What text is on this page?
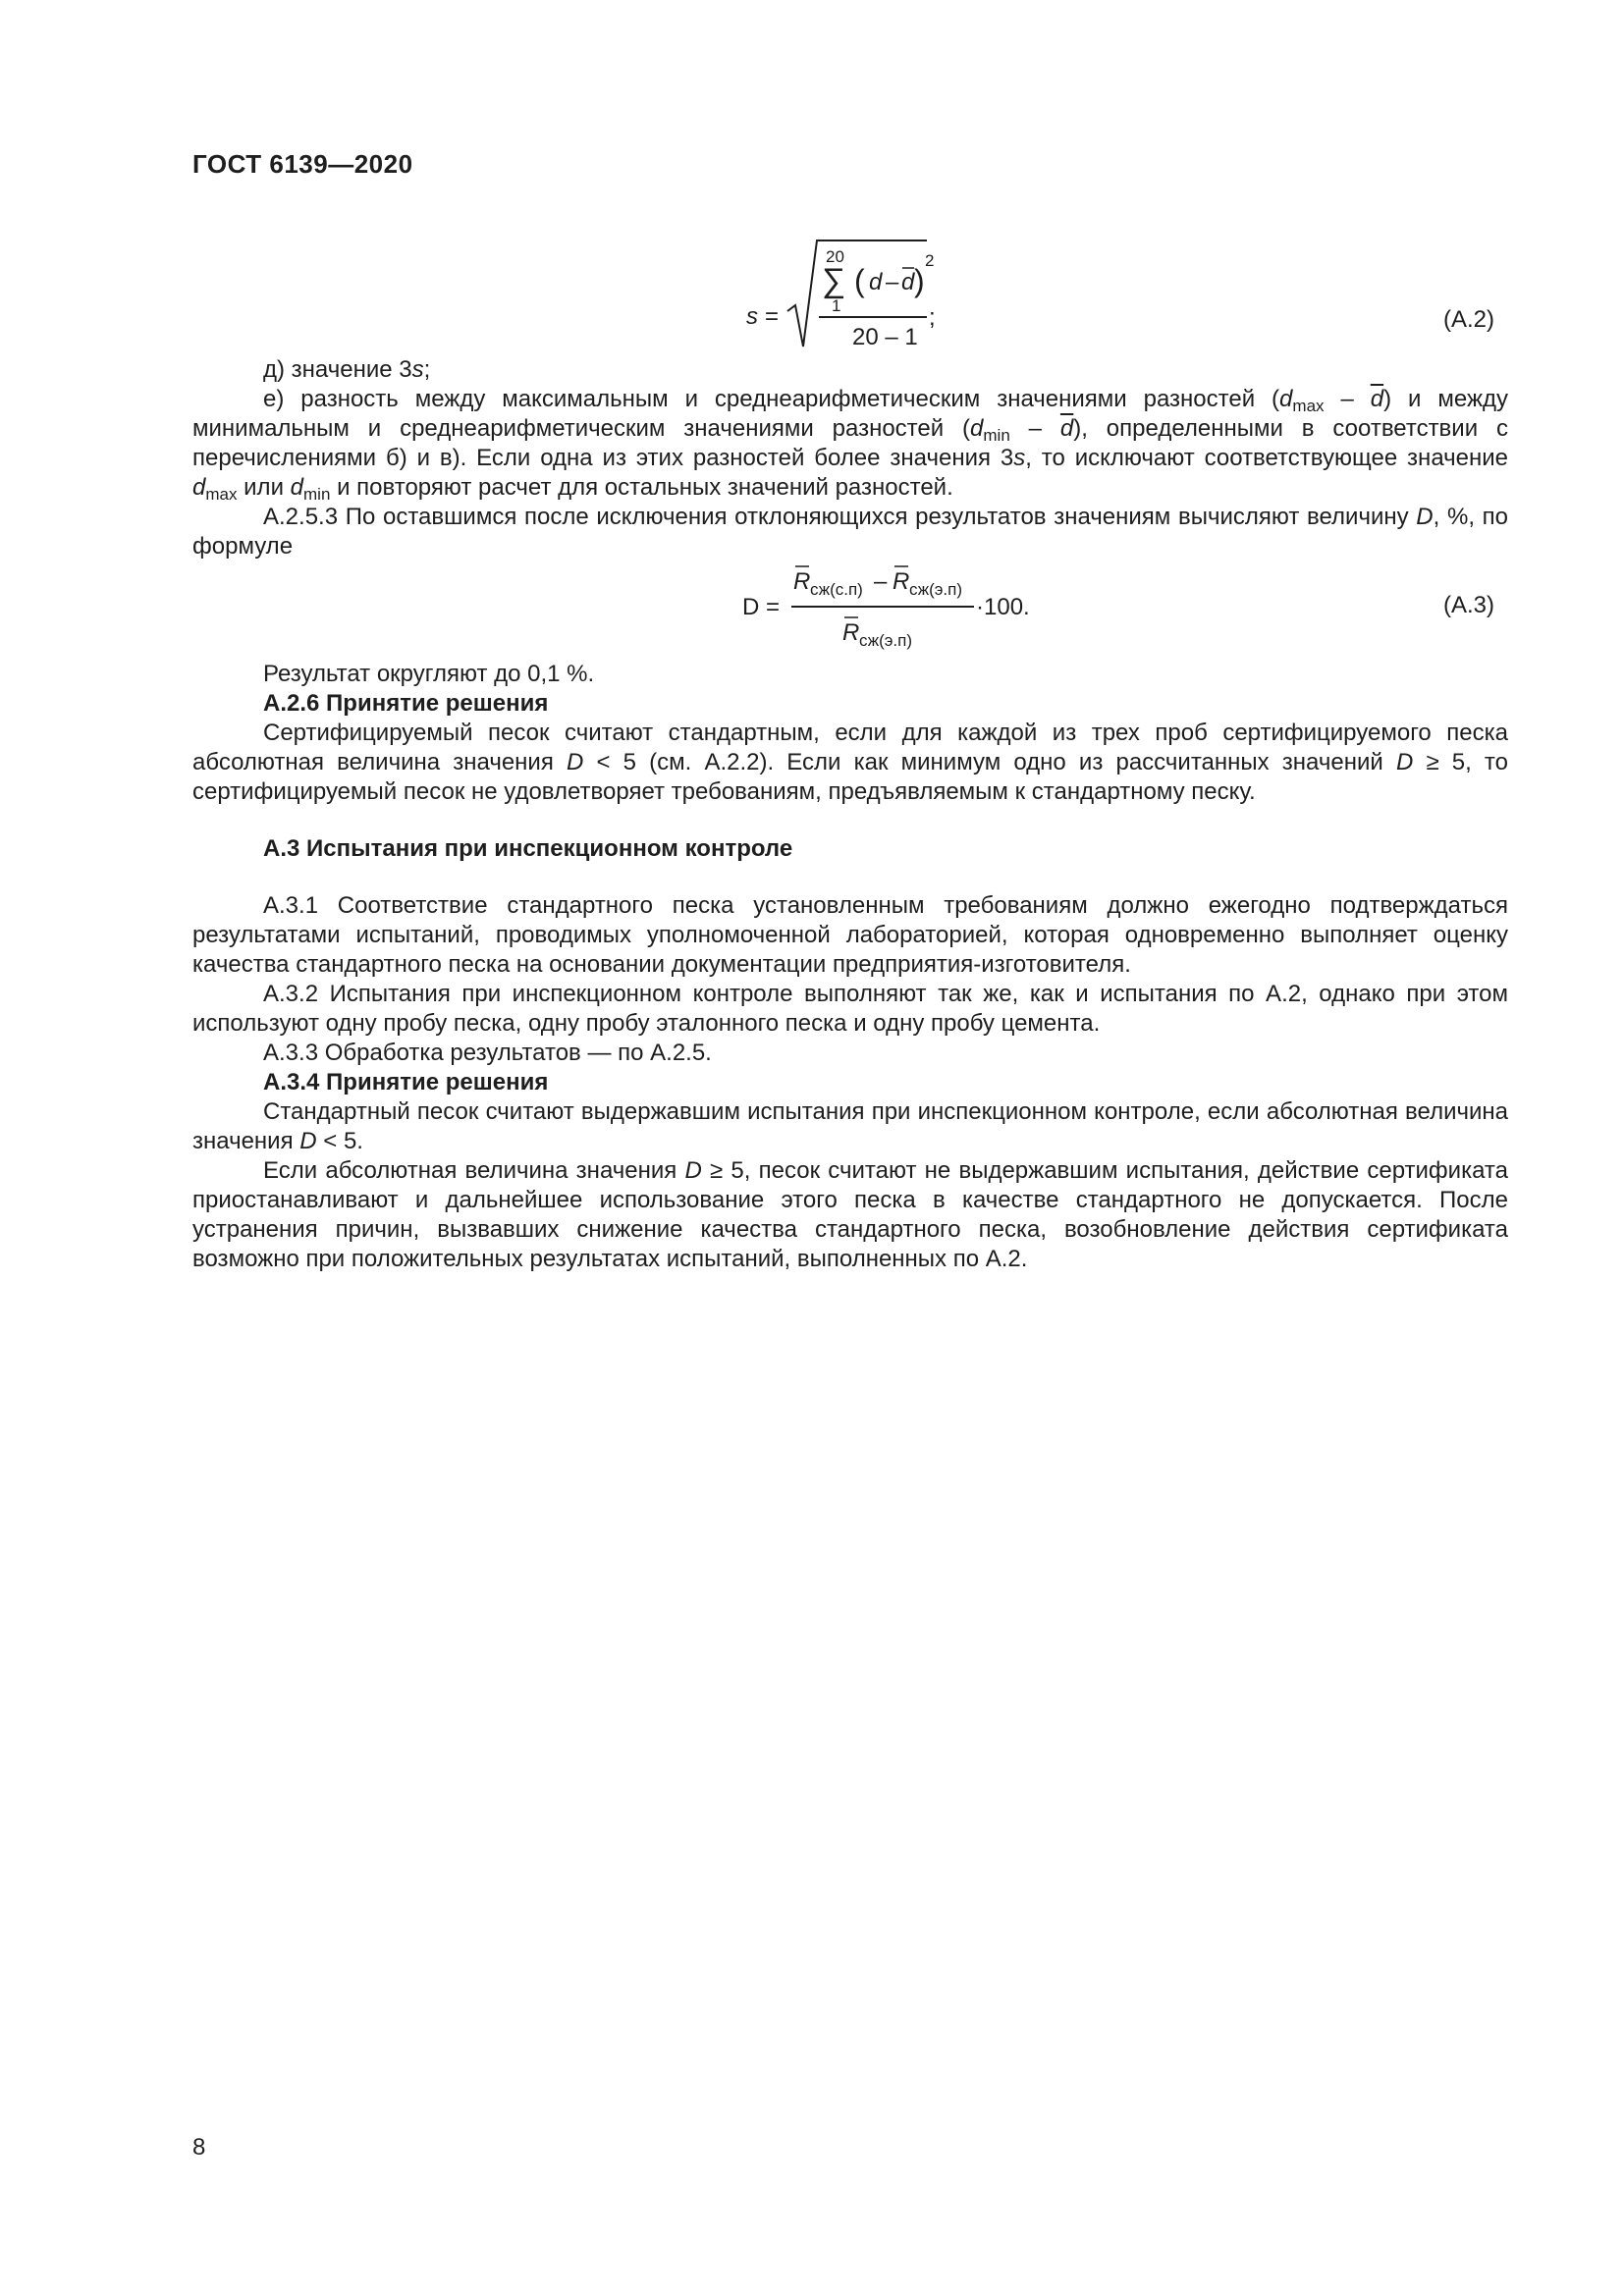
ГОСТ 6139—2020
s =
20
∑
1
( d – d )
2
20 – 1
;	(А.2)
D =
R сж(с.п) – R сж(э.п)
R сж(э.п)
·100.	(А.3)

д) значение 3s;

е) разность между максимальным и среднеарифметическим значениями разностей $(d_{max} - \overline{d})$ и между минимальным и среднеарифметическим значениями разностей $(d_{min} - \overline{d})$, определенными в соответствии с перечислениями б) и в). Если одна из этих разностей более значения 3s, то исключают соответствующее значение $d_{max}$ или $d_{min}$ и повторяют расчет для остальных значений разностей.

А.2.5.3 По оставшимся после исключения отклоняющихся результатов значениям вычисляют величину D, %, по формуле

Результат округляют до 0,1 %.

А.2.6 Принятие решения

Сертифицируемый песок считают стандартным, если для каждой из трех проб сертифицируемого песка абсолютная величина значения D < 5 (см. А.2.2). Если как минимум одно из рассчитанных значений D ≥ 5, то сертифицируемый песок не удовлетворяет требованиям, предъявляемым к стандартному песку.

А.3 Испытания при инспекционном контроле

А.3.1 Соответствие стандартного песка установленным требованиям должно ежегодно подтверждаться результатами испытаний, проводимых уполномоченной лабораторией, которая одновременно выполняет оценку качества стандартного песка на основании документации предприятия-изготовителя.

А.3.2 Испытания при инспекционном контроле выполняют так же, как и испытания по А.2, однако при этом используют одну пробу песка, одну пробу эталонного песка и одну пробу цемента.

А.3.3 Обработка результатов — по А.2.5.

А.3.4 Принятие решения

Стандартный песок считают выдержавшим испытания при инспекционном контроле, если абсолютная величина значения D < 5.

Если абсолютная величина значения D ≥ 5, песок считают не выдержавшим испытания, действие сертификата приостанавливают и дальнейшее использование этого песка в качестве стандартного не допускается. После устранения причин, вызвавших снижение качества стандартного песка, возобновление действия сертификата возможно при положительных результатах испытаний, выполненных по А.2.

8
